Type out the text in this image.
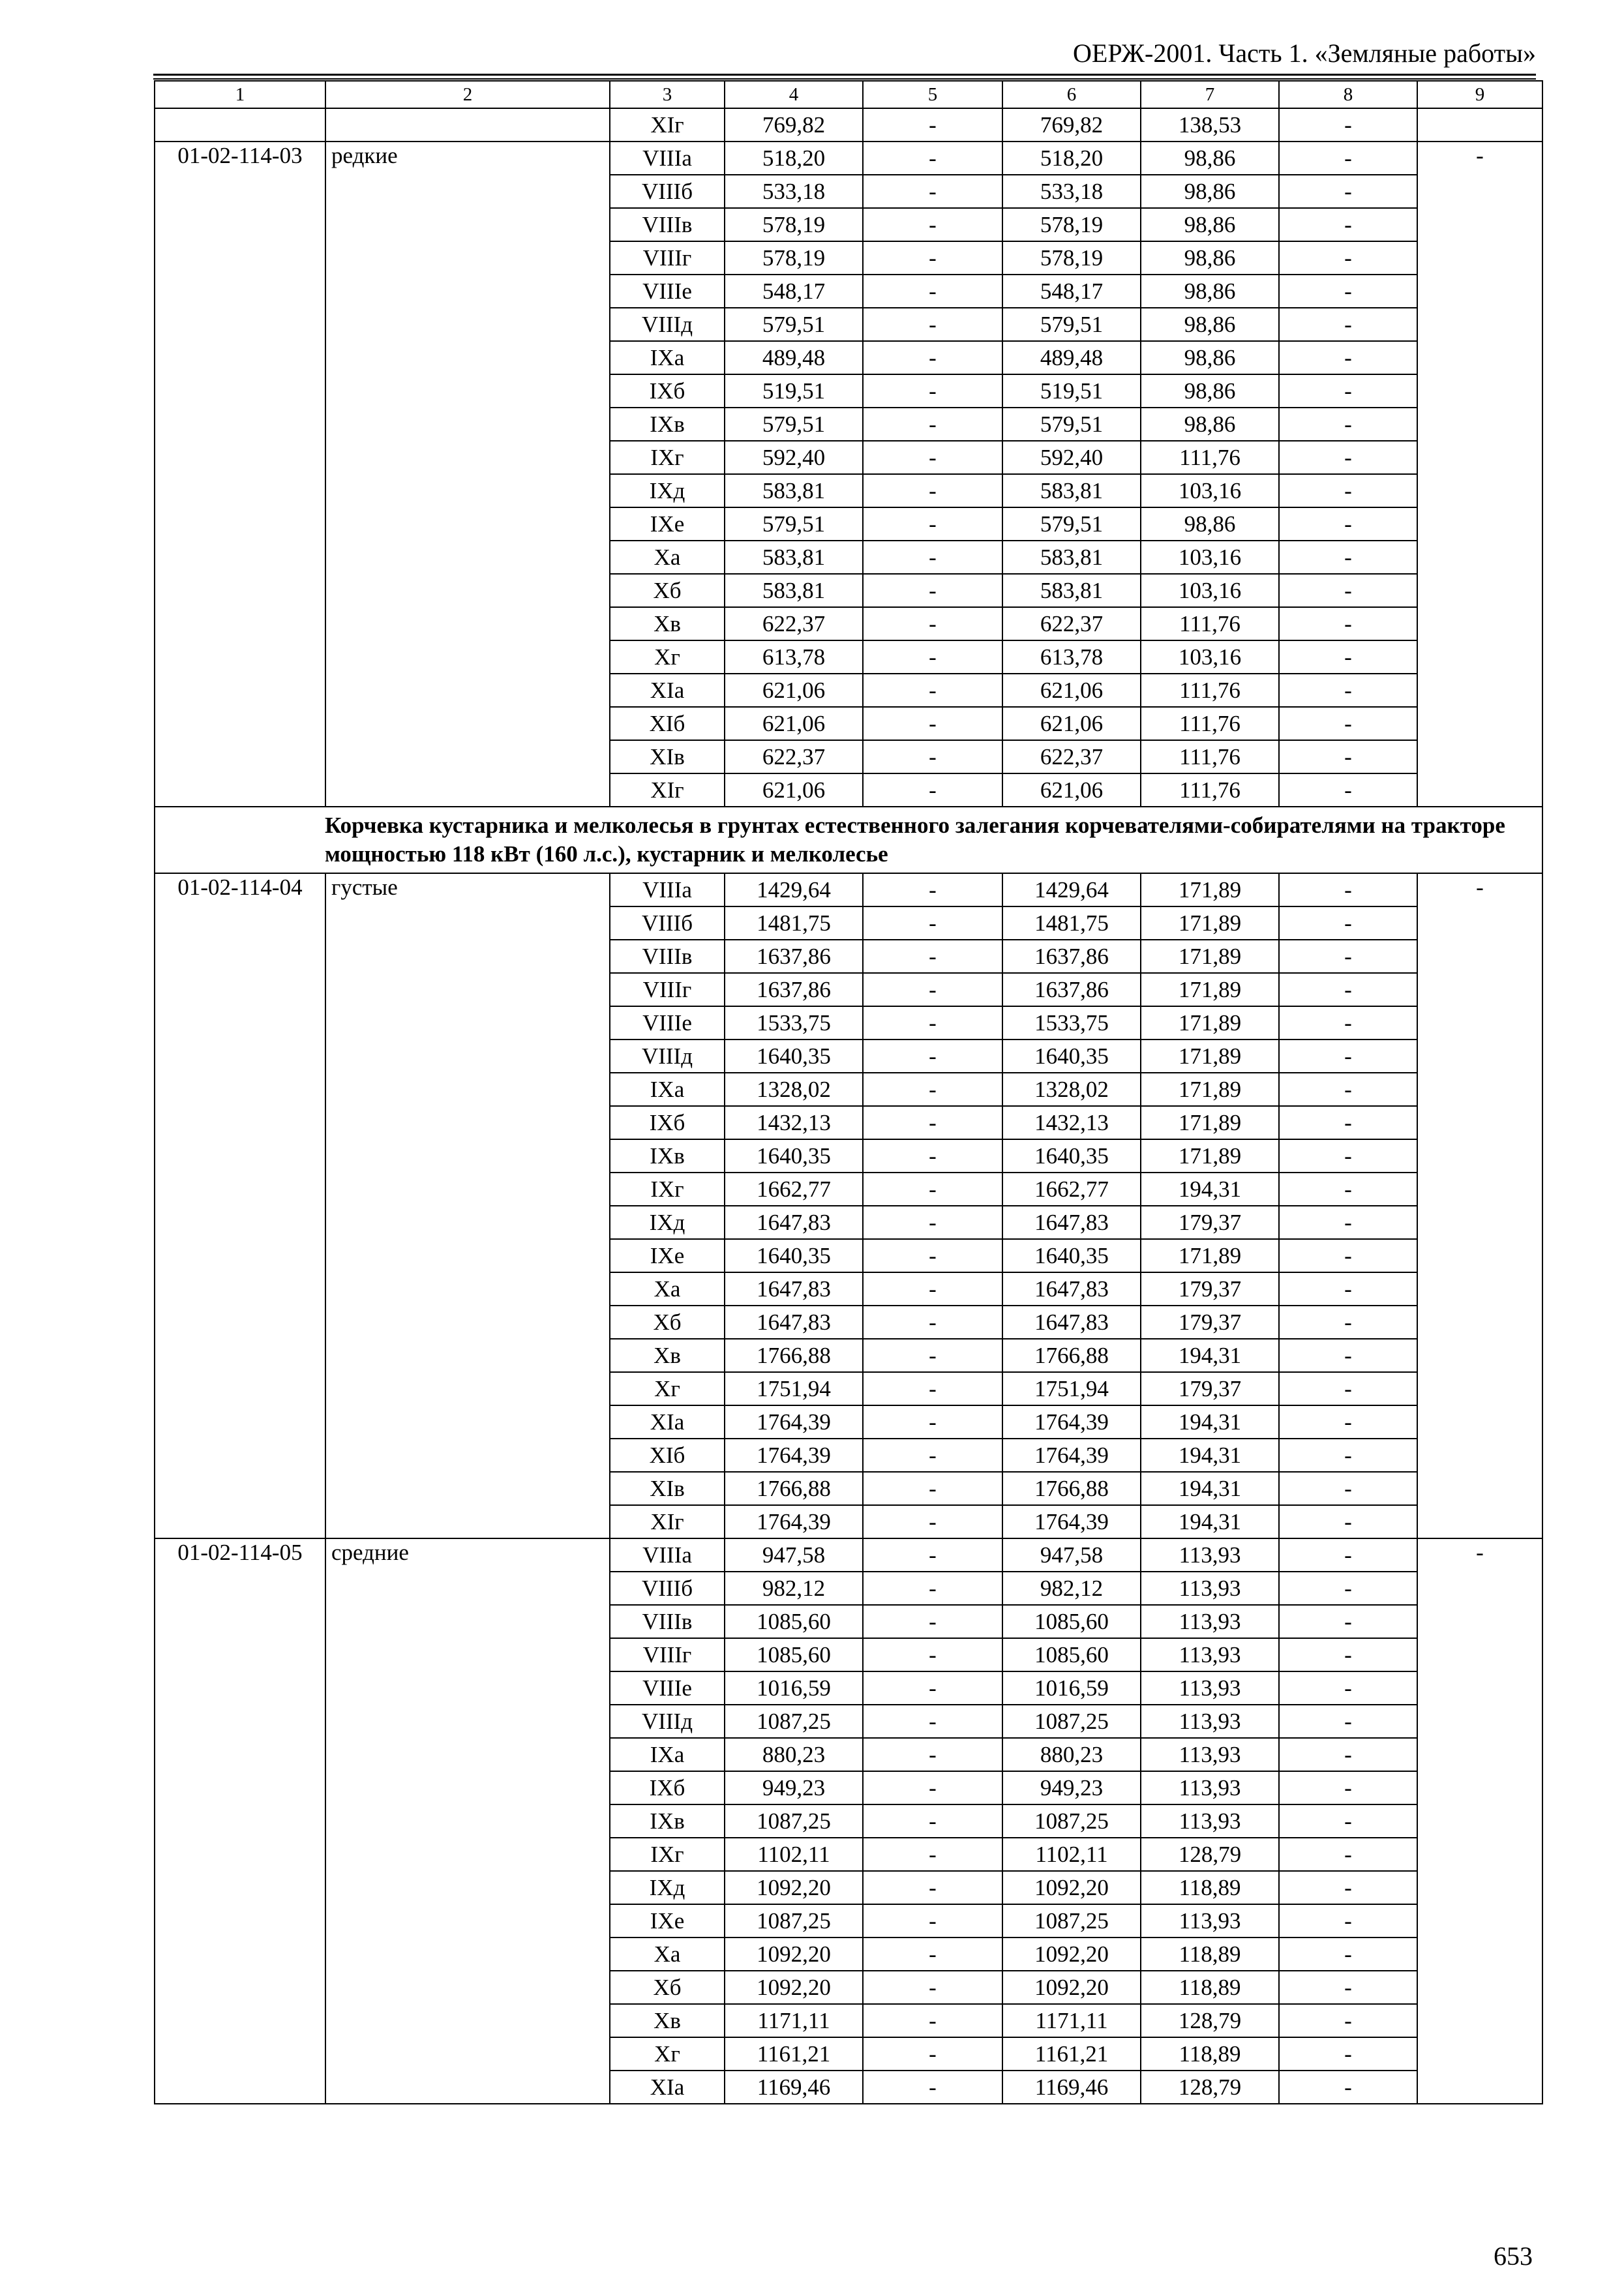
ОЕРЖ-2001. Часть 1. «Земляные работы»
1	2	3	4	5	6	7	8	9
		XIг	769,82	-	769,82	138,53	-	
01-02-114-03	редкие	VIIIа	518,20	-	518,20	98,86	-	-
		VIIIб	533,18	-	533,18	98,86	-	
		VIIIв	578,19	-	578,19	98,86	-	
		VIIIг	578,19	-	578,19	98,86	-	
		VIIIе	548,17	-	548,17	98,86	-	
		VIIIд	579,51	-	579,51	98,86	-	
		IXа	489,48	-	489,48	98,86	-	
		IXб	519,51	-	519,51	98,86	-	
		IXв	579,51	-	579,51	98,86	-	
		IXг	592,40	-	592,40	111,76	-	
		IXд	583,81	-	583,81	103,16	-	
		IXе	579,51	-	579,51	98,86	-	
		Xа	583,81	-	583,81	103,16	-	
		Xб	583,81	-	583,81	103,16	-	
		Xв	622,37	-	622,37	111,76	-	
		Xг	613,78	-	613,78	103,16	-	
		XIа	621,06	-	621,06	111,76	-	
		XIб	621,06	-	621,06	111,76	-	
		XIв	622,37	-	622,37	111,76	-	
		XIг	621,06	-	621,06	111,76	-	
Корчевка кустарника и мелколесья в грунтах естественного залегания корчевателями-собирателями на тракторе мощностью 118 кВт (160 л.с.), кустарник и мелколесье								
01-02-114-04	густые	VIIIа	1429,64	-	1429,64	171,89	-	-
		VIIIб	1481,75	-	1481,75	171,89	-	
		VIIIв	1637,86	-	1637,86	171,89	-	
		VIIIг	1637,86	-	1637,86	171,89	-	
		VIIIе	1533,75	-	1533,75	171,89	-	
		VIIIд	1640,35	-	1640,35	171,89	-	
		IXа	1328,02	-	1328,02	171,89	-	
		IXб	1432,13	-	1432,13	171,89	-	
		IXв	1640,35	-	1640,35	171,89	-	
		IXг	1662,77	-	1662,77	194,31	-	
		IXд	1647,83	-	1647,83	179,37	-	
		IXе	1640,35	-	1640,35	171,89	-	
		Xа	1647,83	-	1647,83	179,37	-	
		Xб	1647,83	-	1647,83	179,37	-	
		Xв	1766,88	-	1766,88	194,31	-	
		Xг	1751,94	-	1751,94	179,37	-	
		XIа	1764,39	-	1764,39	194,31	-	
		XIб	1764,39	-	1764,39	194,31	-	
		XIв	1766,88	-	1766,88	194,31	-	
		XIг	1764,39	-	1764,39	194,31	-	
01-02-114-05	средние	VIIIа	947,58	-	947,58	113,93	-	-
		VIIIб	982,12	-	982,12	113,93	-	
		VIIIв	1085,60	-	1085,60	113,93	-	
		VIIIг	1085,60	-	1085,60	113,93	-	
		VIIIе	1016,59	-	1016,59	113,93	-	
		VIIIд	1087,25	-	1087,25	113,93	-	
		IXа	880,23	-	880,23	113,93	-	
		IXб	949,23	-	949,23	113,93	-	
		IXв	1087,25	-	1087,25	113,93	-	
		IXг	1102,11	-	1102,11	128,79	-	
		IXд	1092,20	-	1092,20	118,89	-	
		IXе	1087,25	-	1087,25	113,93	-	
		Xа	1092,20	-	1092,20	118,89	-	
		Xб	1092,20	-	1092,20	118,89	-	
		Xв	1171,11	-	1171,11	128,79	-	
		Xг	1161,21	-	1161,21	118,89	-	
		XIа	1169,46	-	1169,46	128,79	-	
653
